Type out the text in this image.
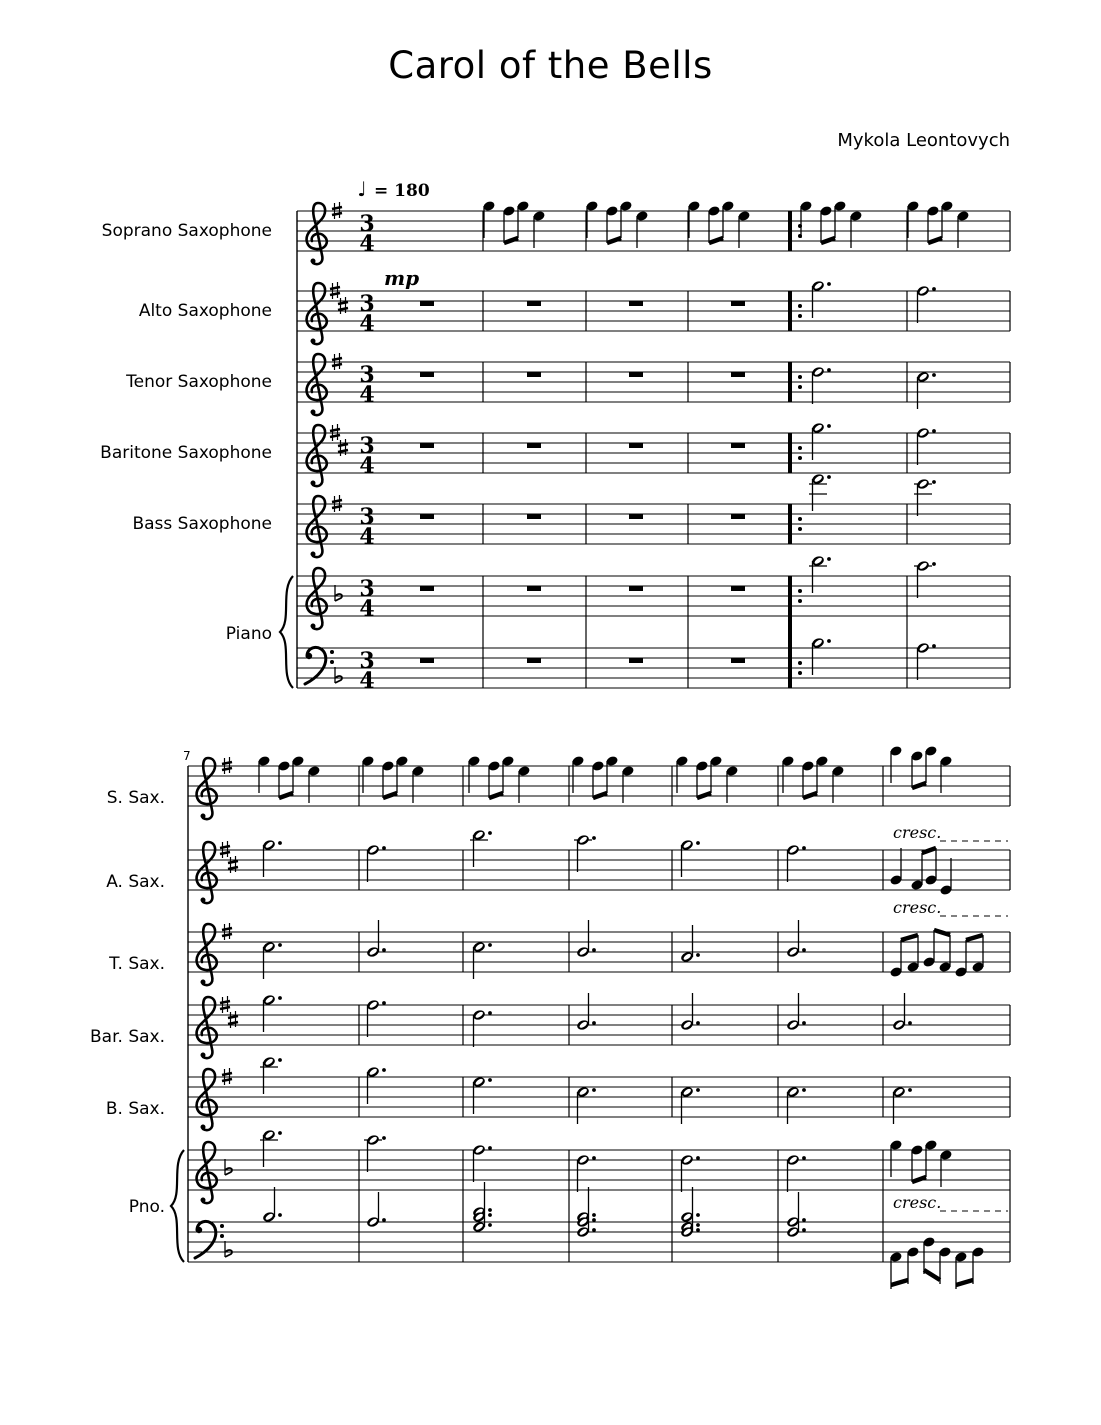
Carol of the Bells
Mykola Leontovych
Soprano Saxophone
Alto Saxophone
Tenor Saxophone
Baritone Saxophone
Bass Saxophone
Piano
3
4
3
4
3
4
3
4
3
4
3
4
3
4
♩ = 180
mp
S. Sax.
A. Sax.
T. Sax.
Bar. Sax.
B. Sax.
Pno.
7
cresc.
cresc.
cresc.
